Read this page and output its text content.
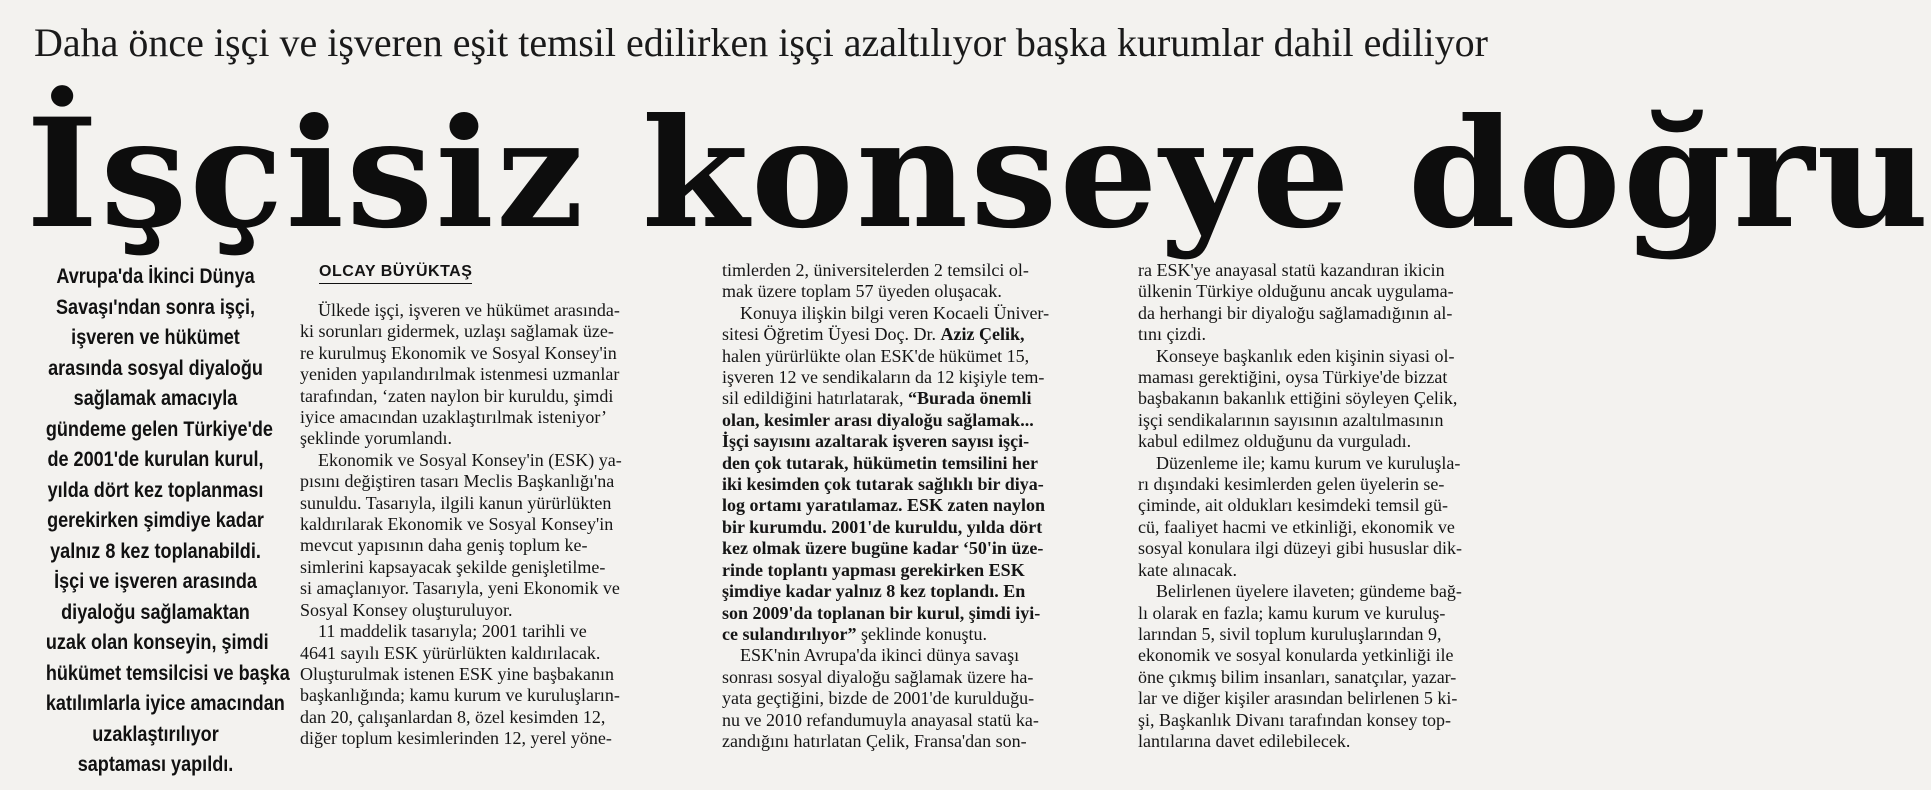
Daha önce işçi ve işveren eşit temsil edilirken işçi azaltılıyor başka kurumlar dahil ediliyor
İşçisiz konseye doğru
Avrupa'da İkinci Dünya
Savaşı'ndan sonra işçi,
işveren ve hükümet
arasında sosyal diyaloğu
sağlamak amacıyla
gündeme gelen Türkiye'de
de 2001'de kurulan kurul,
yılda dört kez toplanması
gerekirken şimdiye kadar
yalnız 8 kez toplanabildi.
İşçi ve işveren arasında
diyaloğu sağlamaktan
uzak olan konseyin, şimdi
hükümet temsilcisi ve başka
katılımlarla iyice amacından
uzaklaştırılıyor
saptaması yapıldı.
OLCAY BÜYÜKTAŞ
Ülkede işçi, işveren ve hükümet arasında-
ki sorunları gidermek, uzlaşı sağlamak üze-
re kurulmuş Ekonomik ve Sosyal Konsey'in
yeniden yapılandırılmak istenmesi uzmanlar
tarafından, ‘zaten naylon bir kuruldu, şimdi
iyice amacından uzaklaştırılmak isteniyor’
şeklinde yorumlandı.
Ekonomik ve Sosyal Konsey'in (ESK) ya-
pısını değiştiren tasarı Meclis Başkanlığı'na
sunuldu. Tasarıyla, ilgili kanun yürürlükten
kaldırılarak Ekonomik ve Sosyal Konsey'in
mevcut yapısının daha geniş toplum ke-
simlerini kapsayacak şekilde genişletilme-
si amaçlanıyor. Tasarıyla, yeni Ekonomik ve
Sosyal Konsey oluşturuluyor.
11 maddelik tasarıyla; 2001 tarihli ve
4641 sayılı ESK yürürlükten kaldırılacak.
Oluşturulmak istenen ESK yine başbakanın
başkanlığında; kamu kurum ve kuruluşların-
dan 20, çalışanlardan 8, özel kesimden 12,
diğer toplum kesimlerinden 12, yerel yöne-
timlerden 2, üniversitelerden 2 temsilci ol-
mak üzere toplam 57 üyeden oluşacak.
Konuya ilişkin bilgi veren Kocaeli Üniver-
sitesi Öğretim Üyesi Doç. Dr. Aziz Çelik,
halen yürürlükte olan ESK'de hükümet 15,
işveren 12 ve sendikaların da 12 kişiyle tem-
sil edildiğini hatırlatarak, “Burada önemli
olan, kesimler arası diyaloğu sağlamak...
İşçi sayısını azaltarak işveren sayısı işçi-
den çok tutarak, hükümetin temsilini her
iki kesimden çok tutarak sağlıklı bir diya-
log ortamı yaratılamaz. ESK zaten naylon
bir kurumdu. 2001'de kuruldu, yılda dört
kez olmak üzere bugüne kadar ‘50'in üze-
rinde toplantı yapması gerekirken ESK
şimdiye kadar yalnız 8 kez toplandı. En
son 2009'da toplanan bir kurul, şimdi iyi-
ce sulandırılıyor” şeklinde konuştu.
ESK'nin Avrupa'da ikinci dünya savaşı
sonrası sosyal diyaloğu sağlamak üzere ha-
yata geçtiğini, bizde de 2001'de kurulduğu-
nu ve 2010 refandumuyla anayasal statü ka-
zandığını hatırlatan Çelik, Fransa'dan son-
ra ESK'ye anayasal statü kazandıran ikicin
ülkenin Türkiye olduğunu ancak uygulama-
da herhangi bir diyaloğu sağlamadığının al-
tını çizdi.
Konseye başkanlık eden kişinin siyasi ol-
maması gerektiğini, oysa Türkiye'de bizzat
başbakanın bakanlık ettiğini söyleyen Çelik,
işçi sendikalarının sayısının azaltılmasının
kabul edilmez olduğunu da vurguladı.
Düzenleme ile; kamu kurum ve kuruluşla-
rı dışındaki kesimlerden gelen üyelerin se-
çiminde, ait oldukları kesimdeki temsil gü-
cü, faaliyet hacmi ve etkinliği, ekonomik ve
sosyal konulara ilgi düzeyi gibi hususlar dik-
kate alınacak.
Belirlenen üyelere ilaveten; gündeme bağ-
lı olarak en fazla; kamu kurum ve kuruluş-
larından 5, sivil toplum kuruluşlarından 9,
ekonomik ve sosyal konularda yetkinliği ile
öne çıkmış bilim insanları, sanatçılar, yazar-
lar ve diğer kişiler arasından belirlenen 5 ki-
şi, Başkanlık Divanı tarafından konsey top-
lantılarına davet edilebilecek.
